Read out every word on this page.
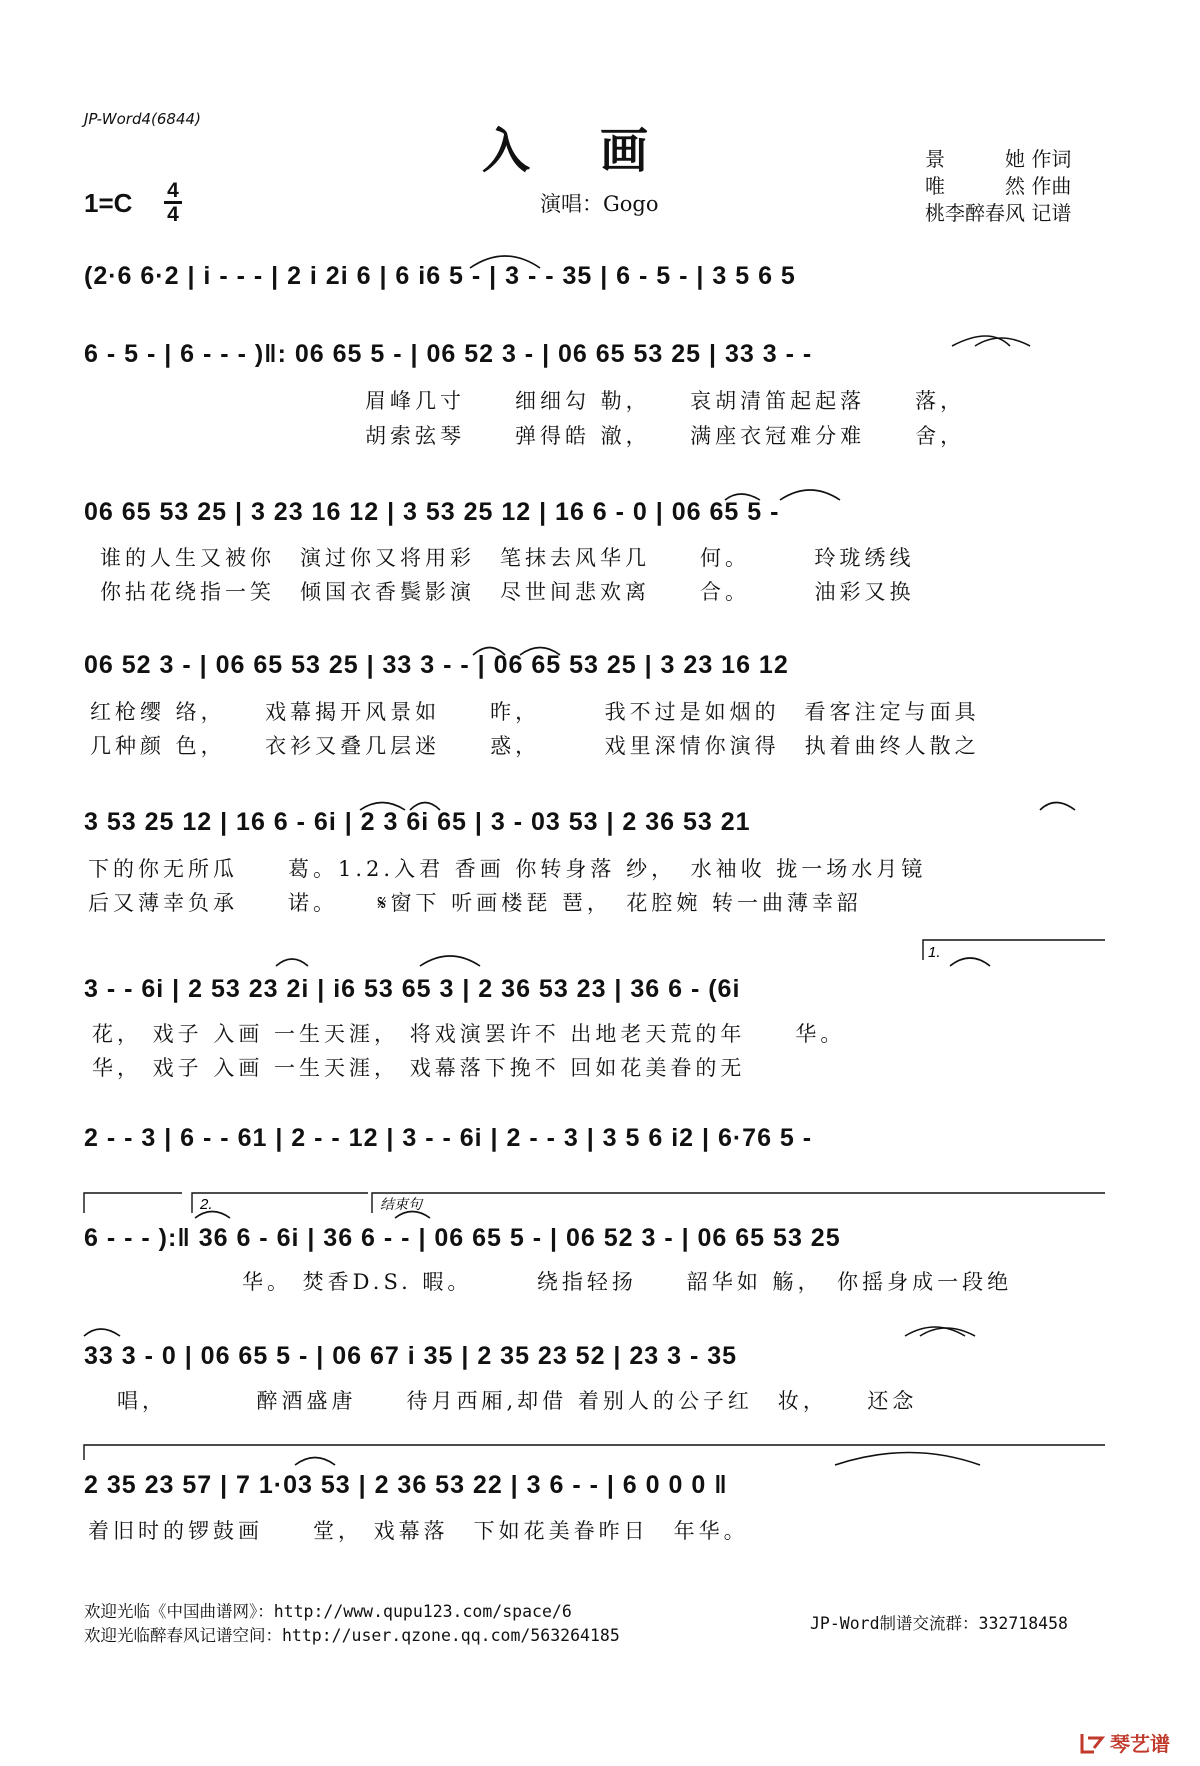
JP-Word4(6844)
入画
演唱：Gogo
景　　　她 作词
唯　　　然 作曲
桃李醉春风 记谱
1=C 4
4
(2·6 6·2 | i - - - | 2 i 2i 6 | 6 i6 5 - | 3 - - 35 | 6 - 5 - | 3 5 6 5
6 - 5 - | 6 - - - )‖: 06 65 5 - | 06 52 3 - | 06 65 53 25 | 33 3 - -
眉峰几寸　　细细勾 勒，　　哀胡清笛起起落　　落，
胡索弦琴　　弹得皓 澈，　　满座衣冠难分难　　舍，
06 65 53 25 | 3 23 16 12 | 3 53 25 12 | 16 6 - 0 | 06 65 5 -
谁的人生又被你　演过你又将用彩　笔抹去风华几　　何。　　　玲珑绣线
你拈花绕指一笑　倾国衣香鬓影演　尽世间悲欢离　　合。　　　油彩又换
06 52 3 - | 06 65 53 25 | 33 3 - - | 06 65 53 25 | 3 23 16 12
红枪缨 络，　　戏幕揭开风景如　　昨，　　　我不过是如烟的　看客注定与面具
几种颜 色，　　衣衫又叠几层迷　　惑，　　　戏里深情你演得　执着曲终人散之
3 53 25 12 | 16 6 - 6i | 2 3 6i 65 | 3 - 03 53 | 2 36 53 21
下的你无所瓜　　葛。1.2.入君 香画 你转身落 纱，　水袖收 拢一场水月镜
后又薄幸负承　　诺。　　𝄋窗下 听画楼琵 琶，　花腔婉 转一曲薄幸韶
3 - - 6i | 2 53 23 2i | i6 53 65 3 | 2 36 53 23 | 36 6 - (6i
花， 戏子 入画 一生天涯， 将戏演罢许不 出地老天荒的年　　华。
华， 戏子 入画 一生天涯， 戏幕落下挽不 回如花美眷的无
2 - - 3 | 6 - - 61 | 2 - - 12 | 3 - - 6i | 2 - - 3 | 3 5 6 i2 | 6·76 5 -
6 - - - ):‖ 36 6 - 6i | 36 6 - - | 06 65 5 - | 06 52 3 - | 06 65 53 25
　　　　　　华。 焚香D.S. 暇。　　　绕指轻扬　　韶华如 觞，　你摇身成一段绝
33 3 - 0 | 06 65 5 - | 06 67 i 35 | 2 35 23 52 | 23 3 - 35
　唱，　　　　醉酒盛唐　　待月西厢,却借 着别人的公子红　妆，　　还念
2 35 23 57 | 7 1·03 53 | 2 36 53 22 | 3 6 - - | 6 0 0 0 ‖
着旧时的锣鼓画　　堂， 戏幕落　下如花美眷昨日　年华。
1.
2.	结束句
欢迎光临《中国曲谱网》：http://www.qupu123.com/space/6
欢迎光临醉春风记谱空间：http://user.qzone.qq.com/563264185
JP-Word制谱交流群：332718458
琴艺谱
